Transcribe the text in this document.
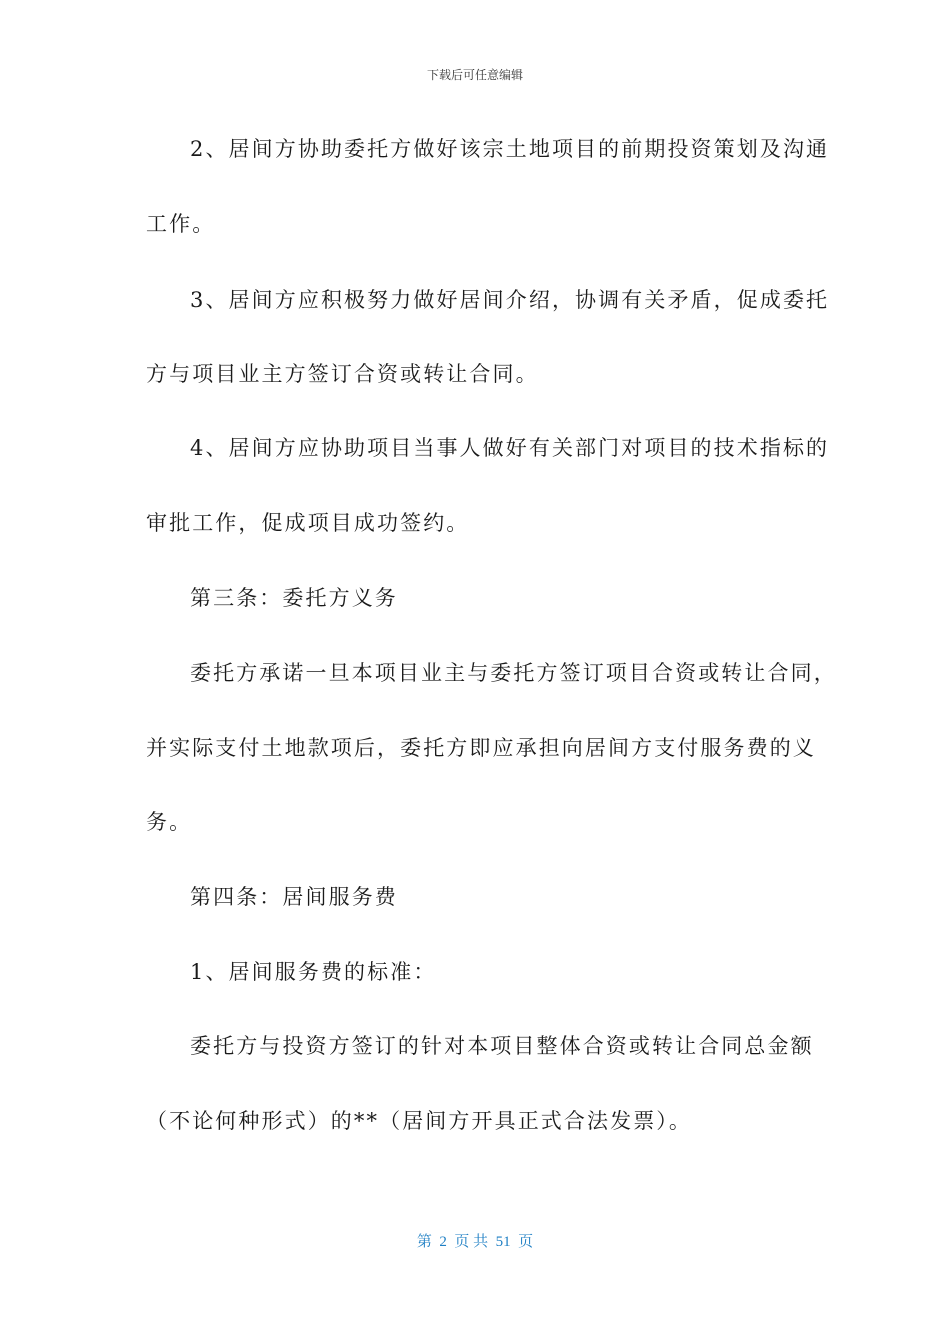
下载后可任意编辑
2、居间方协助委托方做好该宗土地项目的前期投资策划及沟通
工作。
3、居间方应积极努力做好居间介绍，协调有关矛盾，促成委托
方与项目业主方签订合资或转让合同。
4、居间方应协助项目当事人做好有关部门对项目的技术指标的
审批工作，促成项目成功签约。
第三条：委托方义务
委托方承诺一旦本项目业主与委托方签订项目合资或转让合同，
并实际支付土地款项后，委托方即应承担向居间方支付服务费的义
务。
第四条：居间服务费
1、居间服务费的标准：
委托方与投资方签订的针对本项目整体合资或转让合同总金额
（不论何种形式）的**（居间方开具正式合法发票）。
第  2  页 共  51  页
